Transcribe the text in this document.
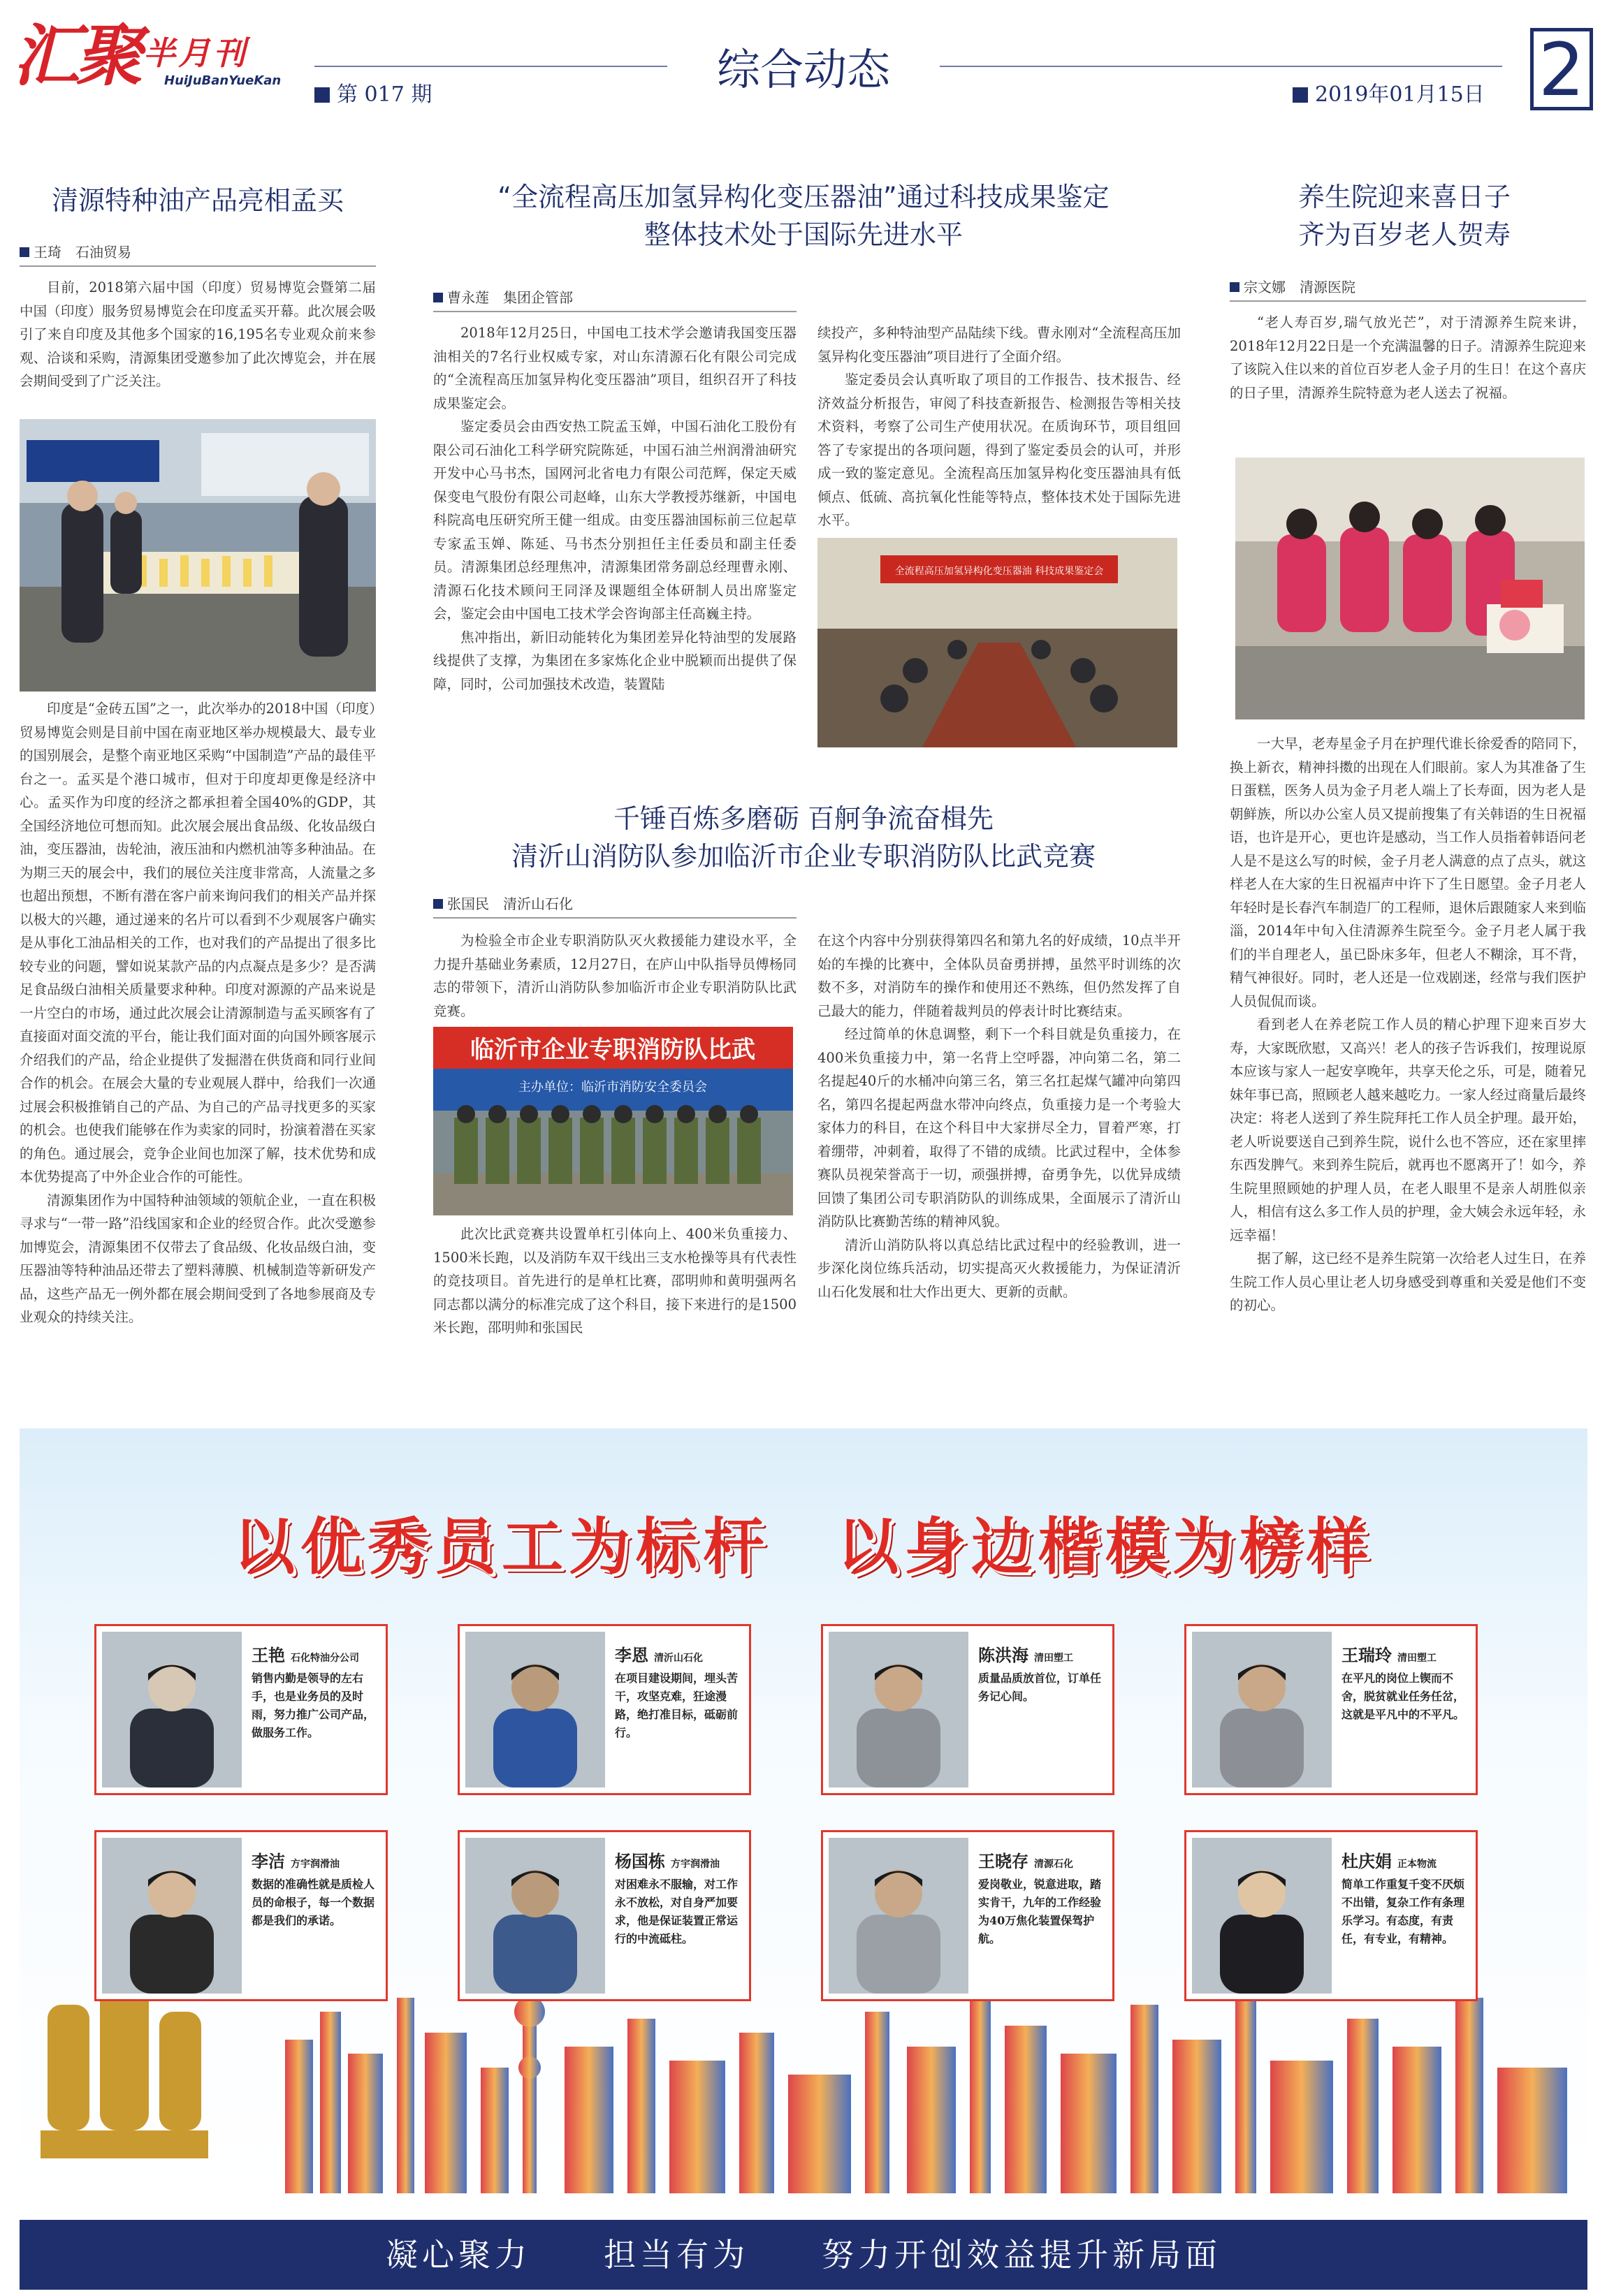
汇聚 半月刊
HuiJuBanYueKan	综合动态
第 017 期	2019年01月15日 2
清源特种油产品亮相孟买
王琦　石油贸易

目前，2018第六届中国（印度）贸易博览会暨第二届中国（印度）服务贸易博览会在印度孟买开幕。此次展会吸引了来自印度及其他多个国家的16,195名专业观众前来参观、洽谈和采购，清源集团受邀参加了此次博览会，并在展会期间受到了广泛关注。

印度是“金砖五国”之一，此次举办的2018中国（印度）贸易博览会则是目前中国在南亚地区举办规模最大、最专业的国别展会，是整个南亚地区采购“中国制造”产品的最佳平台之一。孟买是个港口城市，但对于印度却更像是经济中心。孟买作为印度的经济之都承担着全国40%的GDP，其全国经济地位可想而知。此次展会展出食品级、化妆品级白油，变压器油，齿轮油，液压油和内燃机油等多种油品。在为期三天的展会中，我们的展位关注度非常高，人流量之多也超出预想，不断有潜在客户前来询问我们的相关产品并探以极大的兴趣，通过递来的名片可以看到不少观展客户确实是从事化工油品相关的工作，也对我们的产品提出了很多比较专业的问题，譬如说某款产品的内点凝点是多少？是否满足食品级白油相关质量要求种种。印度对源源的产品来说是一片空白的市场，通过此次展会让清源制造与孟买顾客有了直接面对面交流的平台，能让我们面对面的向国外顾客展示介绍我们的产品，给企业提供了发掘潜在供货商和同行业间合作的机会。在展会大量的专业观展人群中，给我们一次通过展会积极推销自己的产品、为自己的产品寻找更多的买家的机会。也使我们能够在作为卖家的同时，扮演着潜在买家的角色。通过展会，竞争企业间也加深了解，技术优势和成本优势提高了中外企业合作的可能性。

清源集团作为中国特种油领域的领航企业，一直在积极寻求与“一带一路”沿线国家和企业的经贸合作。此次受邀参加博览会，清源集团不仅带去了食品级、化妆品级白油，变压器油等特种油品还带去了塑料薄膜、机械制造等新研发产品，这些产品无一例外都在展会期间受到了各地参展商及专业观众的持续关注。

“全流程高压加氢异构化变压器油”通过科技成果鉴定
整体技术处于国际先进水平
曹永莲　集团企管部

2018年12月25日，中国电工技术学会邀请我国变压器油相关的7名行业权威专家，对山东清源石化有限公司完成的“全流程高压加氢异构化变压器油”项目，组织召开了科技成果鉴定会。

鉴定委员会由西安热工院孟玉婵，中国石油化工股份有限公司石油化工科学研究院陈延，中国石油兰州润滑油研究开发中心马书杰，国网河北省电力有限公司范辉，保定天威保变电气股份有限公司赵峰，山东大学教授苏继新，中国电科院高电压研究所王健一组成。由变压器油国标前三位起草专家孟玉婵、陈延、马书杰分别担任主任委员和副主任委员。清源集团总经理焦冲，清源集团常务副总经理曹永刚、清源石化技术顾问王同泽及课题组全体研制人员出席鉴定会，鉴定会由中国电工技术学会咨询部主任高巍主持。

焦冲指出，新旧动能转化为集团差异化特油型的发展路线提供了支撑，为集团在多家炼化企业中脱颖而出提供了保障，同时，公司加强技术改造，装置陆

续投产，多种特油型产品陆续下线。曹永刚对“全流程高压加氢异构化变压器油”项目进行了全面介绍。

鉴定委员会认真听取了项目的工作报告、技术报告、经济效益分析报告，审阅了科技查新报告、检测报告等相关技术资料，考察了公司生产使用状况。在质询环节，项目组回答了专家提出的各项问题，得到了鉴定委员会的认可，并形成一致的鉴定意见。全流程高压加氢异构化变压器油具有低倾点、低硫、高抗氧化性能等特点，整体技术处于国际先进水平。

全流程高压加氢异构化变压器油 科技成果鉴定会
千锤百炼多磨砺 百舸争流奋楫先
清沂山消防队参加临沂市企业专职消防队比武竞赛
张国民　清沂山石化

为检验全市企业专职消防队灭火救援能力建设水平，全力提升基础业务素质，12月27日，在庐山中队指导员傅杨同志的带领下，清沂山消防队参加临沂市企业专职消防队比武竞赛。

临沂市企业专职消防队比武
主办单位：临沂市消防安全委员会

此次比武竞赛共设置单杠引体向上、400米负重接力、1500米长跑，以及消防车双干线出三支水枪操等具有代表性的竞技项目。首先进行的是单杠比赛，邵明帅和黄明强两名同志都以满分的标准完成了这个科目，接下来进行的是1500米长跑，邵明帅和张国民

在这个内容中分别获得第四名和第九名的好成绩，10点半开始的车操的比赛中，全体队员奋勇拼搏，虽然平时训练的次数不多，对消防车的操作和使用还不熟练，但仍然发挥了自己最大的能力，伴随着裁判员的停表计时比赛结束。

经过简单的休息调整，剩下一个科目就是负重接力，在400米负重接力中，第一名背上空呼器，冲向第二名，第二名提起40斤的水桶冲向第三名，第三名扛起煤气罐冲向第四名，第四名提起两盘水带冲向终点，负重接力是一个考验大家体力的科目，在这个科目中大家拼尽全力，冒着严寒，打着绷带，冲刺着，取得了不错的成绩。比武过程中，全体参赛队员视荣誉高于一切，顽强拼搏，奋勇争先，以优异成绩回馈了集团公司专职消防队的训练成果，全面展示了清沂山消防队比赛勤苦练的精神风貌。

清沂山消防队将以真总结比武过程中的经验教训，进一步深化岗位练兵活动，切实提高灭火救援能力，为保证清沂山石化发展和壮大作出更大、更新的贡献。

养生院迎来喜日子
齐为百岁老人贺寿
宗文娜　清源医院

“老人寿百岁,瑞气放光芒”，对于清源养生院来讲，2018年12月22日是一个充满温馨的日子。清源养生院迎来了该院入住以来的首位百岁老人金子月的生日！在这个喜庆的日子里，清源养生院特意为老人送去了祝福。

一大早，老寿星金子月在护理代谁长徐爱香的陪同下，换上新衣，精神抖擞的出现在人们眼前。家人为其准备了生日蛋糕，医务人员为金子月老人端上了长寿面，因为老人是朝鲜族，所以办公室人员又提前搜集了有关韩语的生日祝福语，也许是开心，更也许是感动，当工作人员指着韩语问老人是不是这么写的时候，金子月老人满意的点了点头，就这样老人在大家的生日祝福声中许下了生日愿望。金子月老人年轻时是长春汽车制造厂的工程师，退休后跟随家人来到临淄，2014年中旬入住清源养生院至今。金子月老人属于我们的半自理老人，虽已卧床多年，但老人不糊涂，耳不背，精气神很好。同时，老人还是一位戏剧迷，经常与我们医护人员侃侃而谈。

看到老人在养老院工作人员的精心护理下迎来百岁大寿，大家既欣慰，又高兴！老人的孩子告诉我们，按理说原本应该与家人一起安享晚年，共享天伦之乐，可是，随着兄妹年事已高，照顾老人越来越吃力。一家人经过商量后最终决定：将老人送到了养生院拜托工作人员全护理。最开始，老人听说要送自己到养生院，说什么也不答应，还在家里摔东西发脾气。来到养生院后，就再也不愿离开了！如今，养生院里照顾她的护理人员，在老人眼里不是亲人胡胜似亲人，相信有这么多工作人员的护理，金大姨会永远年轻，永远幸福！

据了解，这已经不是养生院第一次给老人过生日，在养生院工作人员心里让老人切身感受到尊重和关爱是他们不变的初心。

以优秀员工为标杆　以身边楷模为榜样
王艳 石化特油分公司
销售内勤是领导的左右手，也是业务员的及时雨，努力推广公司产品，做服务工作。
李恩 清沂山石化
在项目建设期间，埋头苦干，攻坚克难，狂途漫路，绝打准目标，砥砺前行。
陈洪海 清田塑工
质量品质放首位，订单任务记心间。
王瑞玲 清田塑工
在平凡的岗位上锲而不舍，脱贫就业任务任岔，这就是平凡中的不平凡。
李洁 方宇润滑油
数据的准确性就是质检人员的命根子，每一个数据都是我们的承诺。
杨国栋 方宇润滑油
对困难永不服输，对工作永不放松，对自身严加要求，他是保证装置正常运行的中流砥柱。
王晓存 清源石化
爱岗敬业，锐意进取，踏实肯干，九年的工作经验为40万焦化装置保驾护航。
杜庆娟 正本物流
简单工作重复千变不厌烦不出错，复杂工作有条理乐学习。有态度，有责任，有专业，有精神。
凝心聚力　　担当有为　　努力开创效益提升新局面
